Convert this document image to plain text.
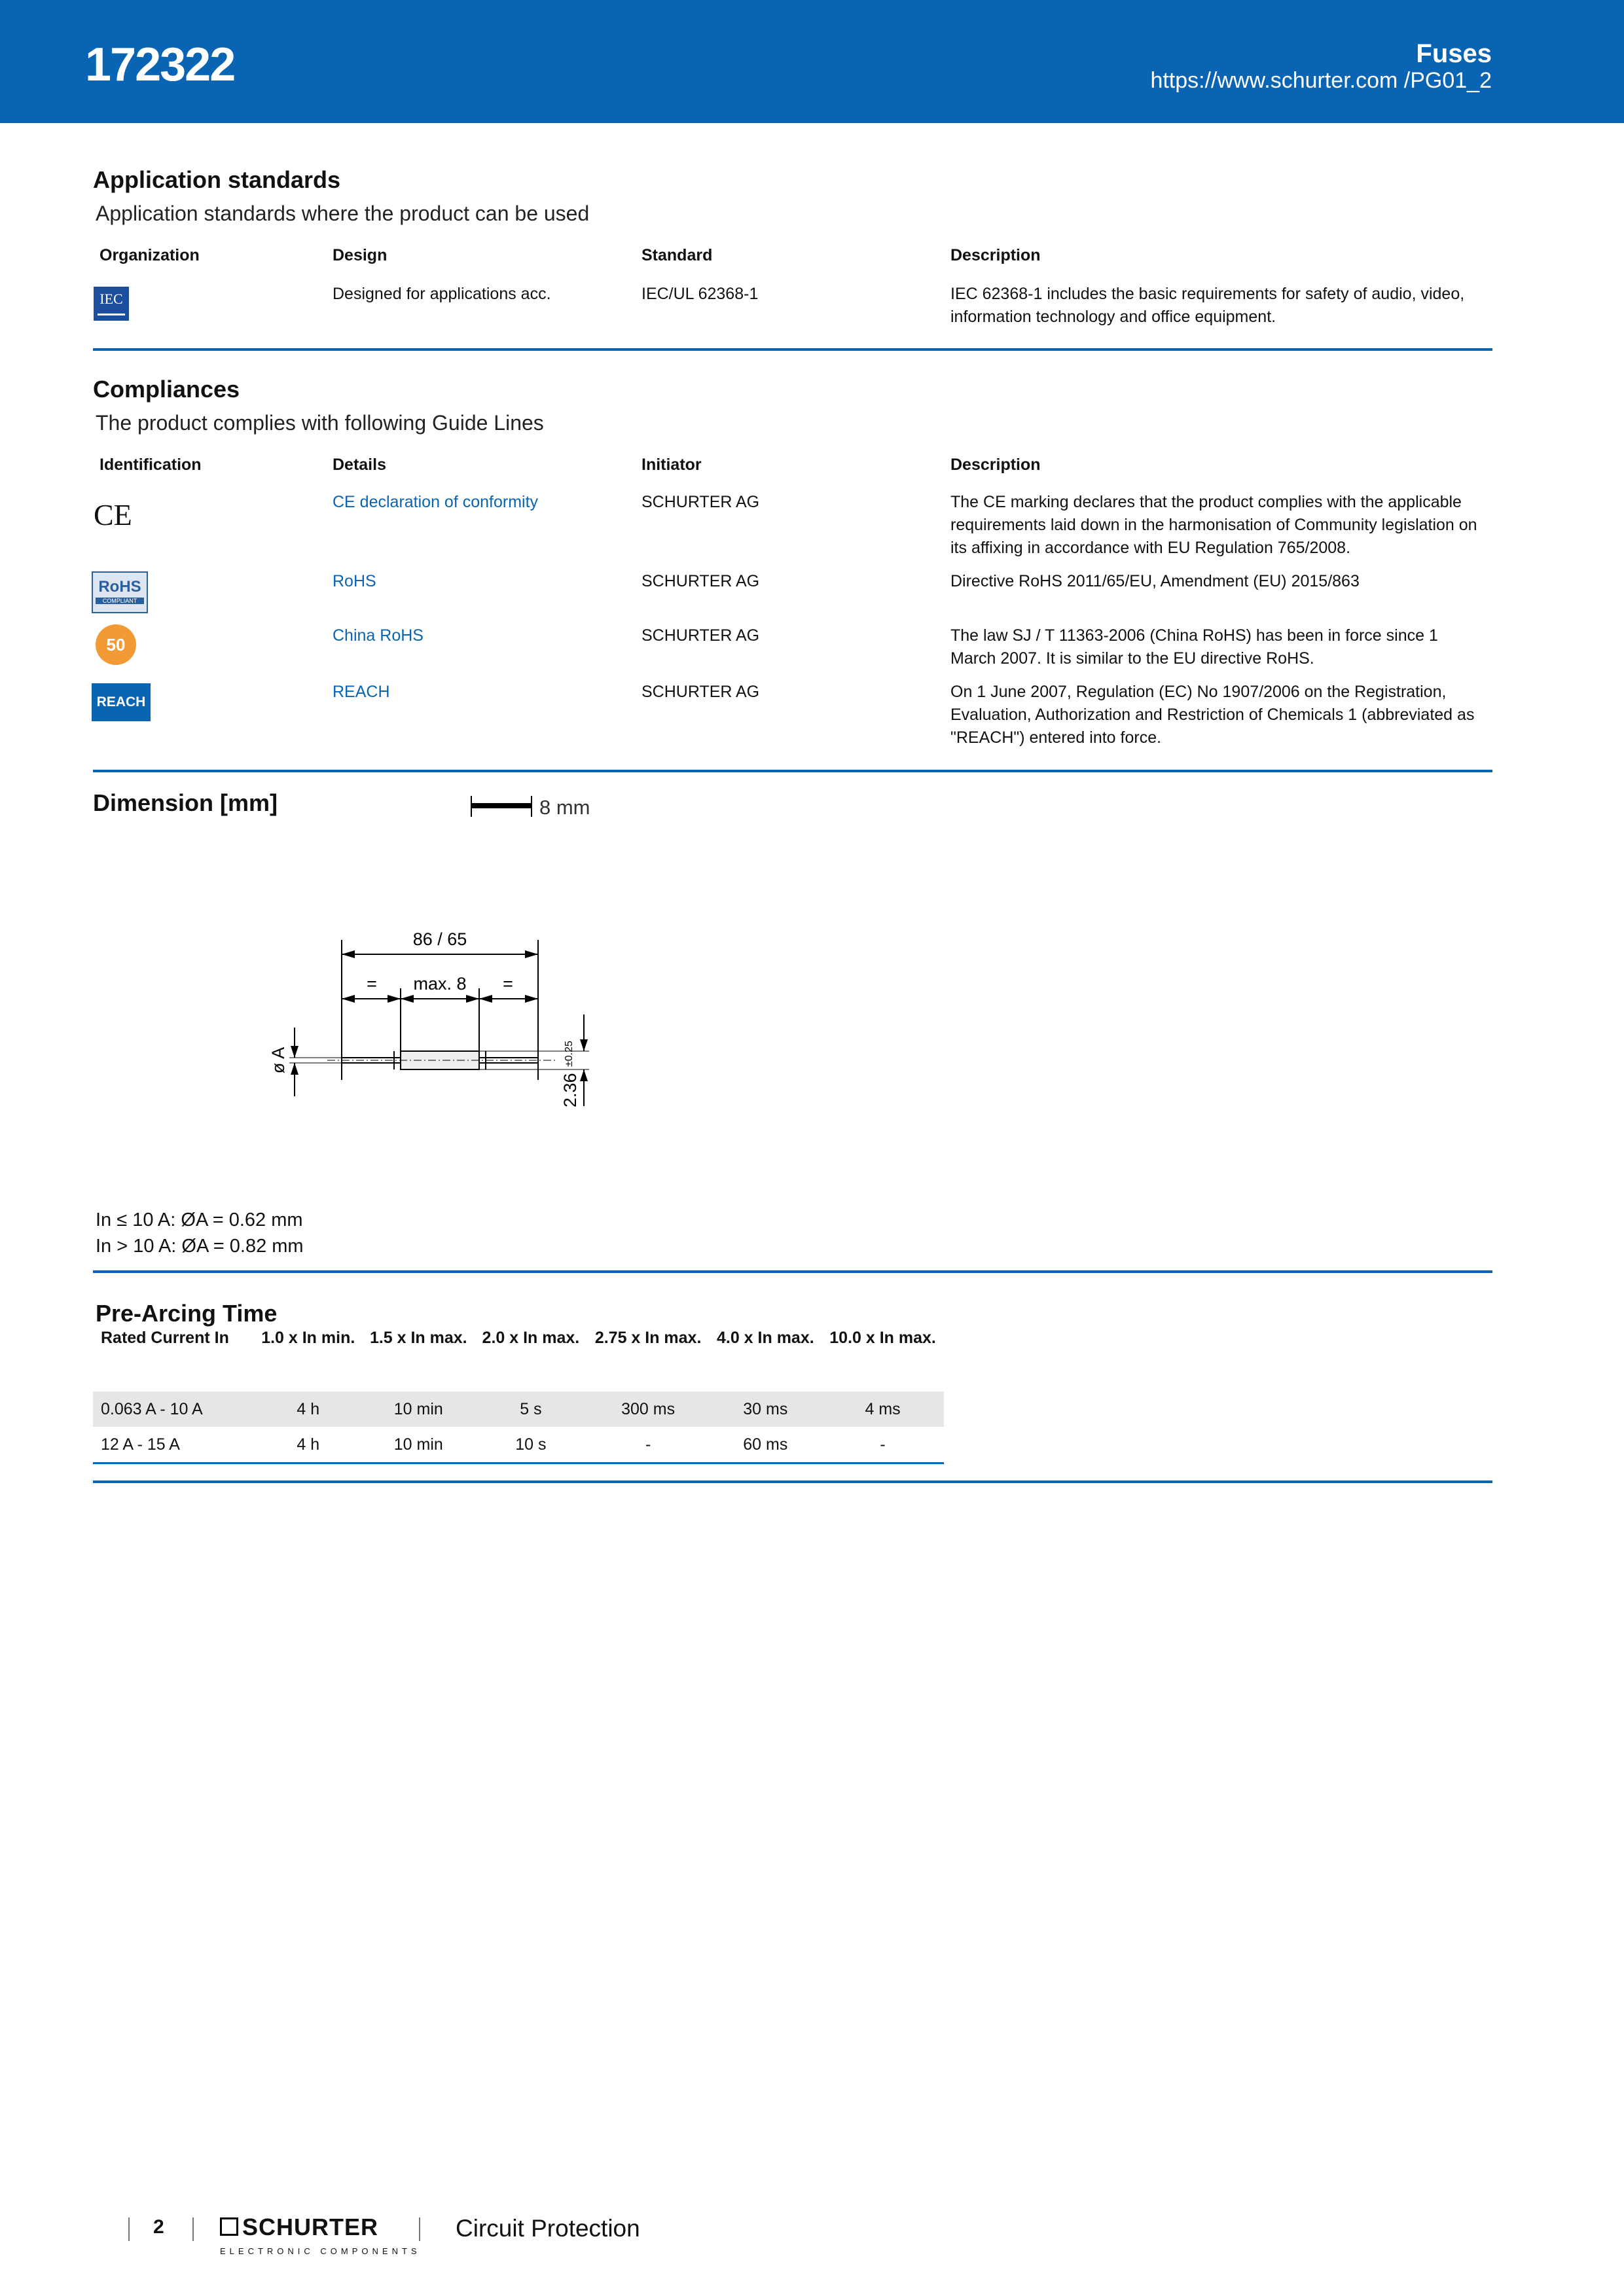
172322	Fuses
https://www.schurter.com /PG01_2
Application standards
Application standards where the product can be used
Organization	Design	Standard	Description
IEC	Designed for applications acc.	IEC/UL 62368-1	IEC 62368-1 includes the basic requirements for safety of audio, video, information technology and office equipment.
Compliances
The product complies with following Guide Lines
Identification	Details	Initiator	Description
CE	CE declaration of conformity	SCHURTER AG	The CE marking declares that the product complies with the applicable requirements laid down in the harmonisation of Community legislation on its affixing in accordance with EU Regulation 765/2008.
RoHS
COMPLIANT
RoHS	SCHURTER AG	Directive RoHS 2011/65/EU, Amendment (EU) 2015/863
50	China RoHS	SCHURTER AG	The law SJ / T 11363-2006 (China RoHS) has been in force since 1 March 2007. It is similar to the EU directive RoHS.
REACH
REACH	SCHURTER AG	On 1 June 2007, Regulation (EC) No 1907/2006 on the Registration, Evaluation, Authorization and Restriction of Chemicals 1 (abbreviated as "REACH") entered into force.
Dimension [mm]	8 mm
86 / 65
= max. 8 =
ø A
2.36
±0.25
In ≤ 10 A: ØA = 0.62 mm
In > 10 A: ØA = 0.82 mm
Pre-Arcing Time
Rated Current In	1.0 x In min.	1.5 x In max.	2.0 x In max.	2.75 x In max.	4.0 x In max.	10.0 x In max.

0.063 A - 10 A	4 h	10 min	5 s	300 ms	30 ms	4 ms
12 A - 15 A	4 h	10 min	10 s	-	60 ms	-
2	SCHURTER
ELECTRONIC COMPONENTS
Circuit Protection
